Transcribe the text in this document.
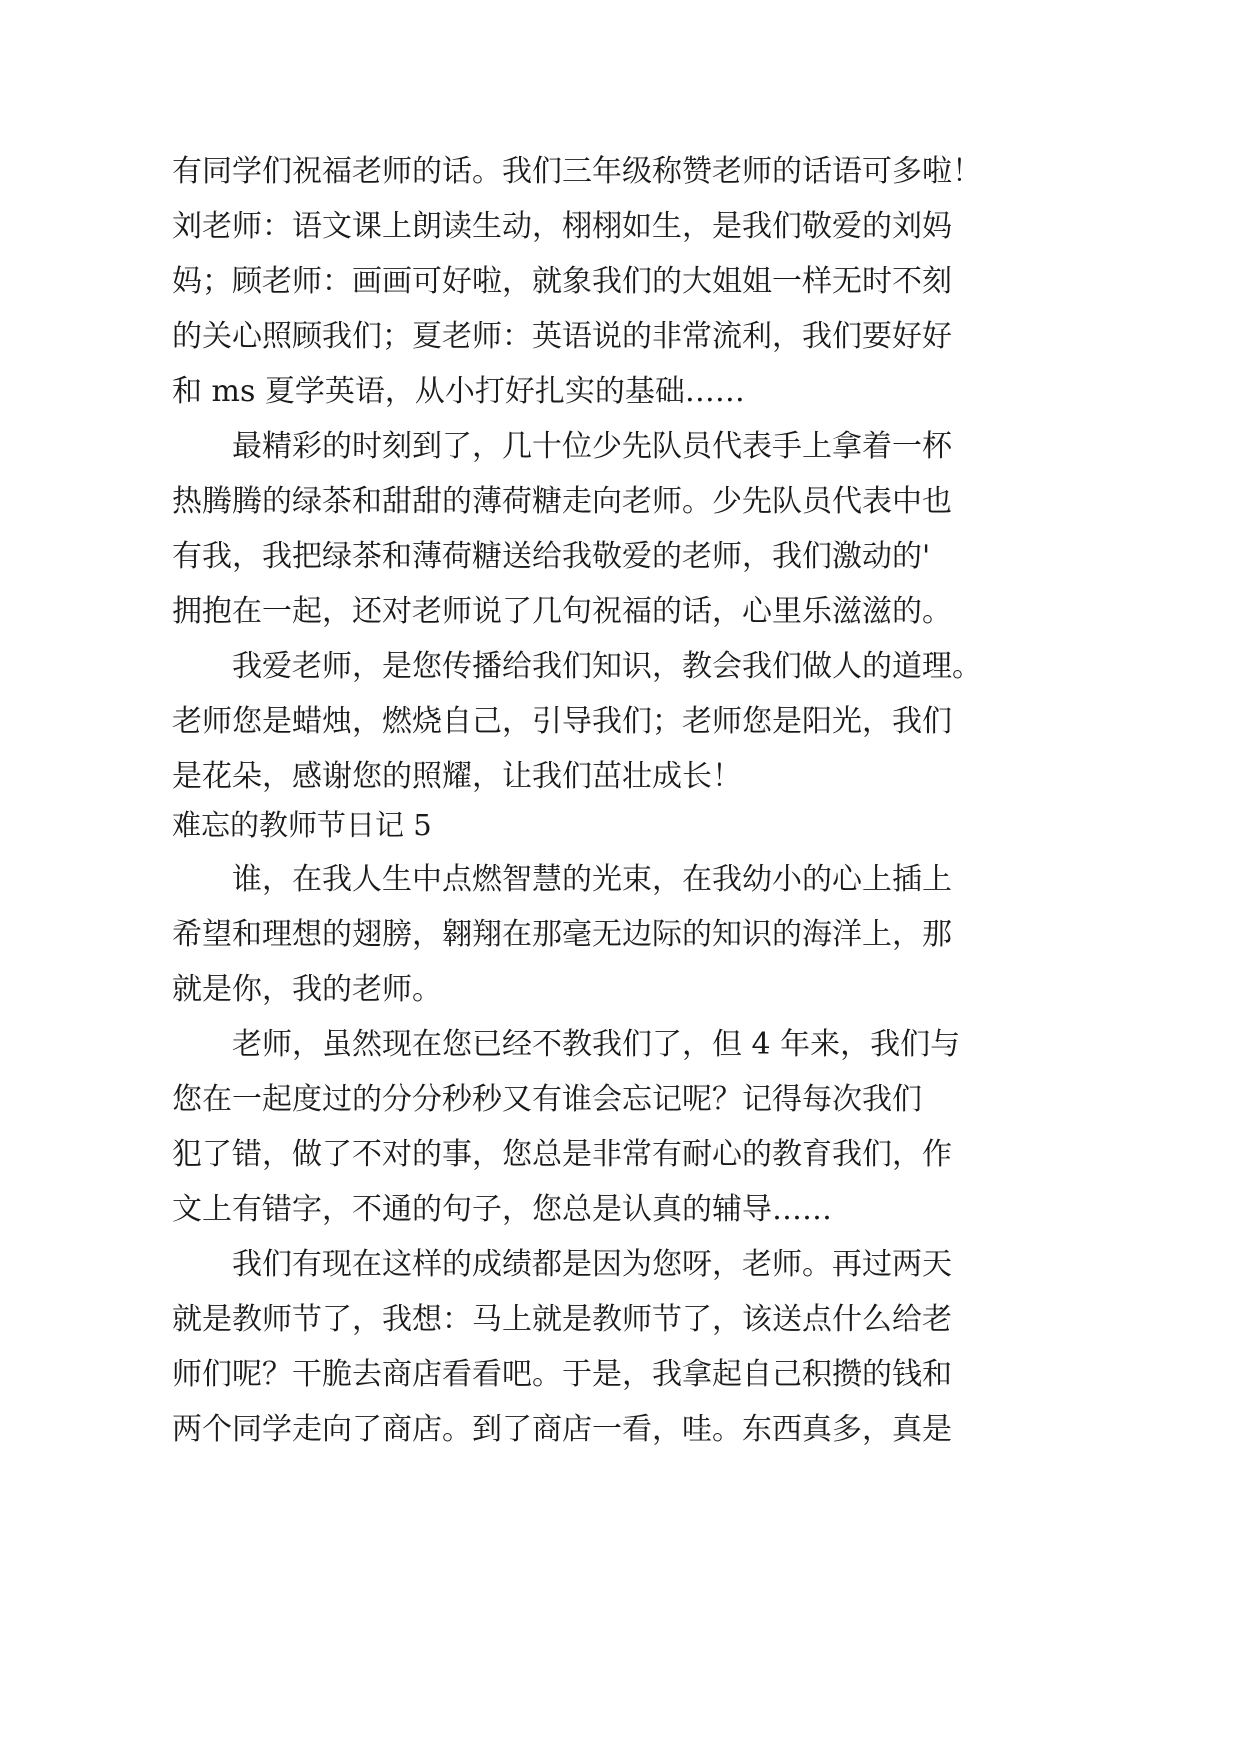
有同学们祝福老师的话。我们三年级称赞老师的话语可多啦！
刘老师：语文课上朗读生动，栩栩如生，是我们敬爱的刘妈
妈；顾老师：画画可好啦，就象我们的大姐姐一样无时不刻
的关心照顾我们；夏老师：英语说的非常流利，我们要好好
和 ms 夏学英语，从小打好扎实的基础……
最精彩的时刻到了，几十位少先队员代表手上拿着一杯
热腾腾的绿茶和甜甜的薄荷糖走向老师。少先队员代表中也
有我，我把绿茶和薄荷糖送给我敬爱的老师，我们激动的'
拥抱在一起，还对老师说了几句祝福的话，心里乐滋滋的。
我爱老师，是您传播给我们知识，教会我们做人的道理。
老师您是蜡烛，燃烧自己，引导我们；老师您是阳光，我们
是花朵，感谢您的照耀，让我们茁壮成长！
难忘的教师节日记 5
谁，在我人生中点燃智慧的光束，在我幼小的心上插上
希望和理想的翅膀，翱翔在那毫无边际的知识的海洋上，那
就是你，我的老师。
老师，虽然现在您已经不教我们了，但 4 年来，我们与
您在一起度过的分分秒秒又有谁会忘记呢？记得每次我们
犯了错，做了不对的事，您总是非常有耐心的教育我们，作
文上有错字，不通的句子，您总是认真的辅导……
我们有现在这样的成绩都是因为您呀，老师。再过两天
就是教师节了，我想：马上就是教师节了，该送点什么给老
师们呢？干脆去商店看看吧。于是，我拿起自己积攒的钱和
两个同学走向了商店。到了商店一看，哇。东西真多，真是
